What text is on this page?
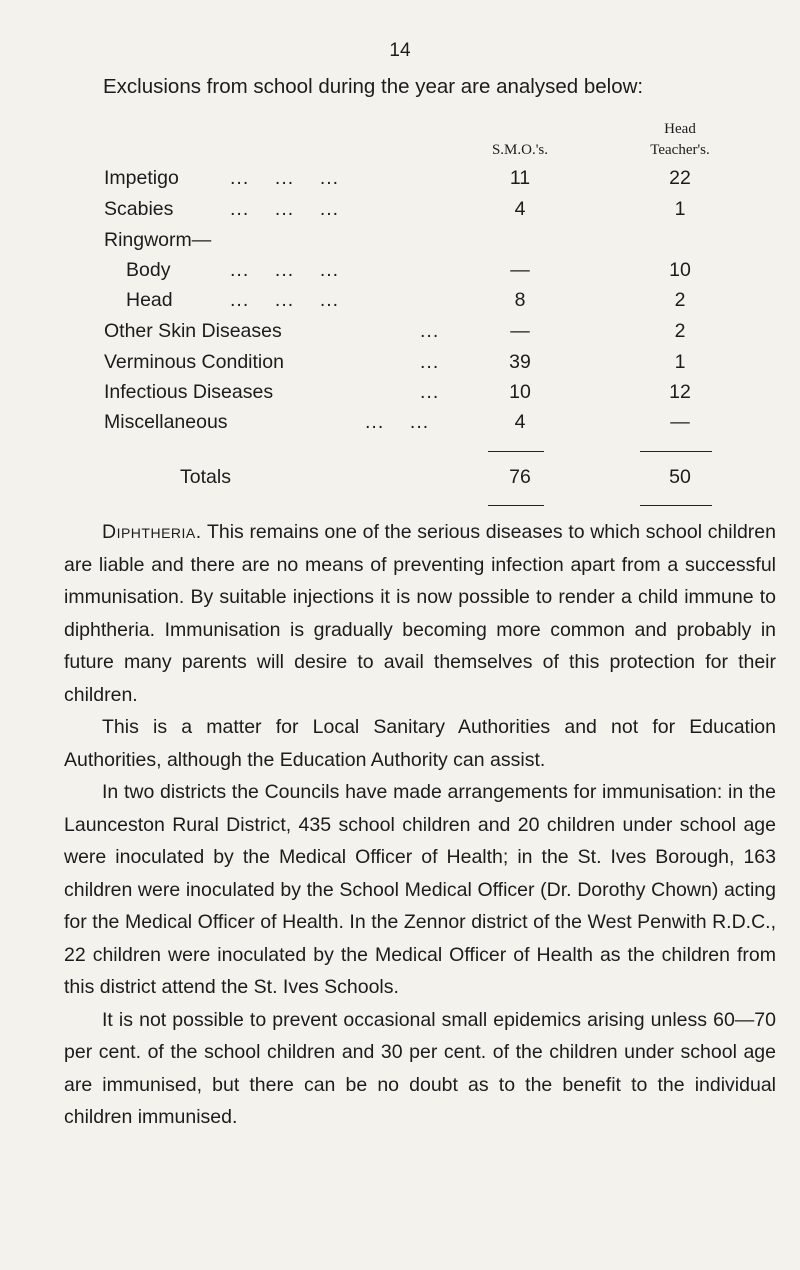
14
Exclusions from school during the year are analysed below:
S.M.O.'s.
Head
Teacher's.
Impetigo	...    ...    ...	11	22
Scabies	...    ...    ...	4	1
Ringworm—
Body	...    ...    ...	—	10
Head	...    ...    ...	8	2
Other Skin Diseases	...	—	2
Verminous Condition	...	39	1
Infectious Diseases	...	10	12
Miscellaneous	...    ...	4	—
Totals	76	50

Diphtheria. This remains one of the serious diseases to which school children are liable and there are no means of preventing infection apart from a successful immunisation. By suitable injections it is now possible to render a child immune to diphtheria. Immunisation is gradually becoming more common and probably in future many parents will desire to avail themselves of this protection for their children.

This is a matter for Local Sanitary Authorities and not for Education Authorities, although the Education Authority can assist.

In two districts the Councils have made arrangements for immunisation: in the Launceston Rural District, 435 school children and 20 children under school age were inoculated by the Medical Officer of Health; in the St. Ives Borough, 163 children were inoculated by the School Medical Officer (Dr. Dorothy Chown) acting for the Medical Officer of Health. In the Zennor district of the West Penwith R.D.C., 22 children were inoculated by the Medical Officer of Health as the children from this district attend the St. Ives Schools.

It is not possible to prevent occasional small epidemics arising unless 60—70 per cent. of the school children and 30 per cent. of the children under school age are immunised, but there can be no doubt as to the benefit to the individual children immunised.
